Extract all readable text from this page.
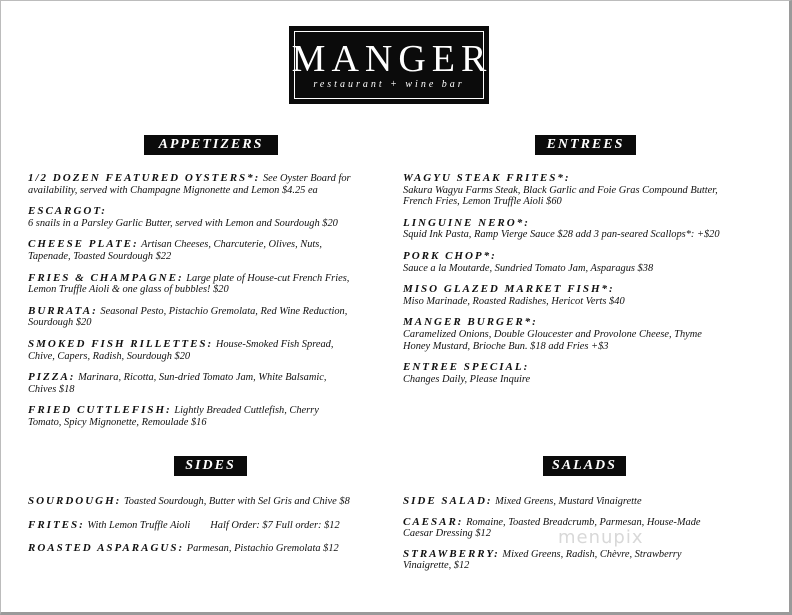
MANGER
restaurant + wine bar
APPETIZERS	ENTREES
SIDES	SALADS
1/2 DOZEN FEATURED OYSTERS*: See Oyster Board for
availability, served with Champagne Mignonette and Lemon $4.25 ea
ESCARGOT:
6 snails in a Parsley Garlic Butter, served with Lemon and Sourdough $20
CHEESE PLATE: Artisan Cheeses, Charcuterie, Olives, Nuts,
Tapenade, Toasted Sourdough $22
FRIES & CHAMPAGNE: Large plate of House-cut French Fries,
Lemon Truffle Aioli & one glass of bubbles! $20
BURRATA: Seasonal Pesto, Pistachio Gremolata, Red Wine Reduction,
Sourdough $20
SMOKED FISH RILLETTES: House-Smoked Fish Spread,
Chive, Capers, Radish, Sourdough $20
PIZZA: Marinara, Ricotta, Sun-dried Tomato Jam, White Balsamic,
Chives $18
FRIED CUTTLEFISH: Lightly Breaded Cuttlefish, Cherry
Tomato, Spicy Mignonette, Remoulade $16
WAGYU STEAK FRITES*:
Sakura Wagyu Farms Steak, Black Garlic and Foie Gras Compound Butter,
French Fries, Lemon Truffle Aioli $60
LINGUINE NERO*:
Squid Ink Pasta, Ramp Vierge Sauce $28 add 3 pan-seared Scallops*: +$20
PORK CHOP*:
Sauce a la Moutarde, Sundried Tomato Jam, Asparagus $38
MISO GLAZED MARKET FISH*:
Miso Marinade, Roasted Radishes, Hericot Verts $40
MANGER BURGER*:
Caramelized Onions, Double Gloucester and Provolone Cheese, Thyme
Honey Mustard, Brioche Bun. $18 add Fries +$3
ENTREE SPECIAL:
Changes Daily, Please Inquire
SOURDOUGH: Toasted Sourdough, Butter with Sel Gris and Chive $8
FRITES: With Lemon Truffle Aioli Half Order: $7 Full order: $12
ROASTED ASPARAGUS: Parmesan, Pistachio Gremolata $12
SIDE SALAD: Mixed Greens, Mustard Vinaigrette
CAESAR: Romaine, Toasted Breadcrumb, Parmesan, House-Made
Caesar Dressing $12
STRAWBERRY: Mixed Greens, Radish, Chèvre, Strawberry
Vinaigrette, $12
menupix
